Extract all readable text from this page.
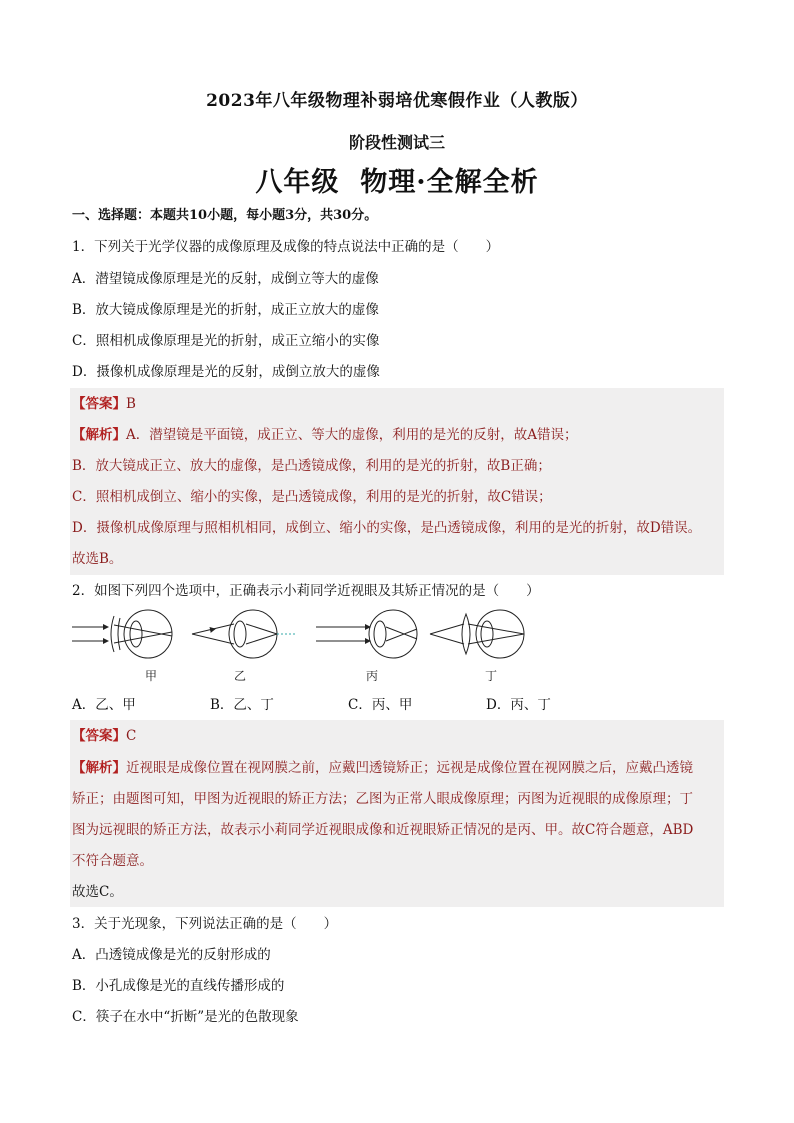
2023年八年级物理补弱培优寒假作业（人教版）
阶段性测试三
八年级  物理·全解全析
一、选择题：本题共10小题，每小题3分，共30分。
1．下列关于光学仪器的成像原理及成像的特点说法中正确的是（　　）
A．潜望镜成像原理是光的反射，成倒立等大的虚像
B．放大镜成像原理是光的折射，成正立放大的虚像
C．照相机成像原理是光的折射，成正立缩小的实像
D．摄像机成像原理是光的反射，成倒立放大的虚像
【答案】B
【解析】A．潜望镜是平面镜，成正立、等大的虚像，利用的是光的反射，故A错误；
B．放大镜成正立、放大的虚像，是凸透镜成像，利用的是光的折射，故B正确；
C．照相机成倒立、缩小的实像，是凸透镜成像，利用的是光的折射，故C错误；
D．摄像机成像原理与照相机相同，成倒立、缩小的实像，是凸透镜成像，利用的是光的折射，故D错误。
故选B。
2．如图下列四个选项中，正确表示小莉同学近视眼及其矫正情况的是（　　）
甲	乙	丙	丁
A．乙、甲	B．乙、丁	C．丙、甲	D．丙、丁
【答案】C
【解析】近视眼是成像位置在视网膜之前，应戴凹透镜矫正；远视是成像位置在视网膜之后，应戴凸透镜
矫正；由题图可知，甲图为近视眼的矫正方法；乙图为正常人眼成像原理；丙图为近视眼的成像原理；丁
图为远视眼的矫正方法，故表示小莉同学近视眼成像和近视眼矫正情况的是丙、甲。故C符合题意，ABD
不符合题意。
故选C。
3．关于光现象，下列说法正确的是（　　）
A．凸透镜成像是光的反射形成的
B．小孔成像是光的直线传播形成的
C．筷子在水中“折断”是光的色散现象
